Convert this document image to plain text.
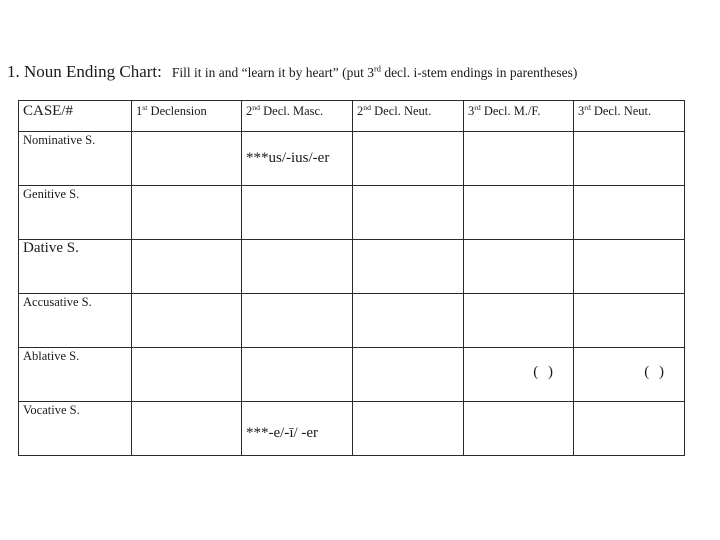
1. Noun Ending Chart: Fill it in and “learn it by heart” (put 3rd decl. i-stem endings in parentheses)
CASE/#	1st Declension	2nd Decl. Masc.	2nd Decl. Neut.	3rd Decl. M./F.	3rd Decl. Neut.

Nominative S.		***us/-ius/-er			

Genitive S.					

Dative S.					

Accusative S.					

Ablative S.				( )	( )

Vocative S.		***-e/-ī/ -er			
